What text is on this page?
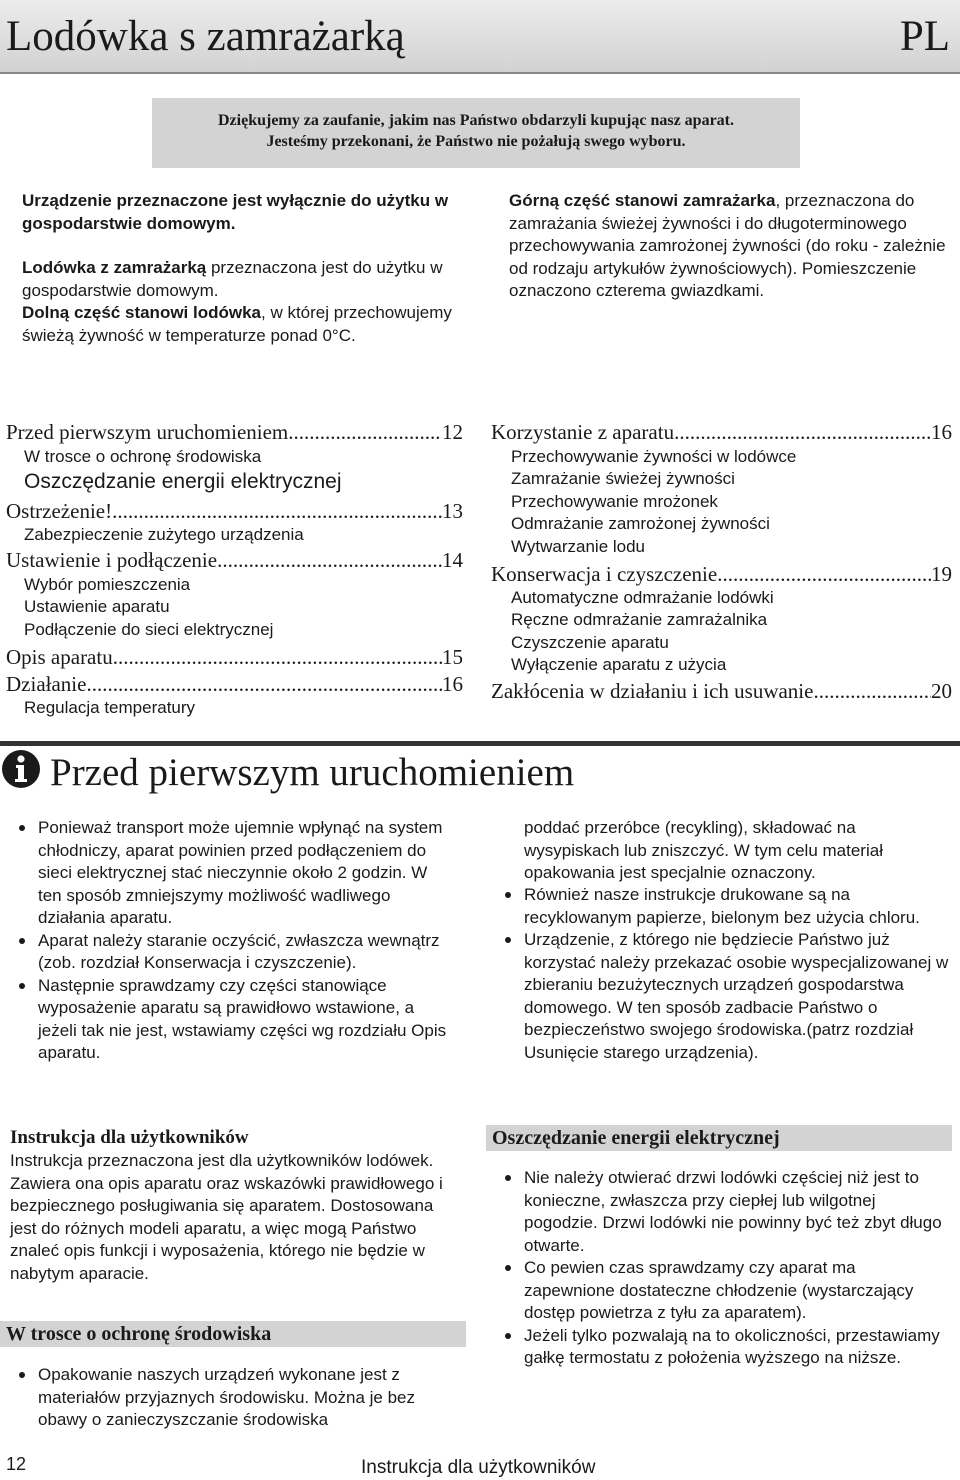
Lodówka s zamrażarką	PL
Dziękujemy za zaufanie, jakim nas Państwo obdarzyli kupując nasz aparat.
Jesteśmy przekonani, że Państwo nie pożałują swego wyboru.

Urządzenie przeznaczone jest wyłącznie do użytku w gospodarstwie domowym.

Lodówka z zamrażarką przeznaczona jest do użytku w gospodarstwie domowym.

Dolną część stanowi lodówka, w której przechowujemy świeżą żywność w temperaturze ponad 0°C.

Górną część stanowi zamrażarka, przeznaczona do zamrażania świeżej żywności i do długoterminowego przechowywania zamrożonej żywności (do roku - zależnie od rodzaju artykułów żywnościowych). Pomieszczenie oznaczono czterema gwiazdkami.

Przed pierwszym uruchomieniem .....	12
W trosce o ochronę środowiska
Oszczędzanie energii elektrycznej
Ostrzeżenie! .....	13
Zabezpieczenie zużytego urządzenia
Ustawienie i podłączenie .....	14
Wybór pomieszczenia
Ustawienie aparatu
Podłączenie do sieci elektrycznej
Opis aparatu .....	15
Działanie .....	16
Regulacja temperatury
Korzystanie z aparatu .....	16
Przechowywanie żywności w lodówce
Zamrażanie świeżej żywności
Przechowywanie mrożonek
Odmrażanie zamrożonej żywności
Wytwarzanie lodu
Konserwacja i czyszczenie .....	19
Automatyczne odmrażanie lodówki
Ręczne odmrażanie zamrażalnika
Czyszczenie aparatu
Wyłączenie aparatu z użycia
Zakłócenia w działaniu i ich usuwanie .....	20
Przed pierwszym uruchomieniem
Ponieważ transport może ujemnie wpłynąć na system chłodniczy, aparat powinien przed podłączeniem do sieci elektrycznej stać nieczynnie około 2 godzin. W ten sposób zmniejszymy możliwość wadliwego działania aparatu.
Aparat należy staranie oczyścić, zwłaszcza wewnątrz (zob. rozdział Konserwacja i czyszczenie).
Następnie sprawdzamy czy części stanowiące wyposażenie aparatu są prawidłowo wstawione, a jeżeli tak nie jest, wstawiamy części wg rozdziału Opis aparatu.
Instrukcja dla użytkowników
Instrukcja przeznaczona jest dla użytkowników lodówek. Zawiera ona opis aparatu oraz wskazówki prawidłowego i bezpiecznego posługiwania się aparatem. Dostosowana jest do różnych modeli aparatu, a więc mogą Państwo znaleć opis funkcji i wyposażenia, którego nie będzie w nabytym aparacie.
W trosce o ochronę środowiska
Opakowanie naszych urządzeń wykonane jest z materiałów przyjaznych środowisku. Można je bez obawy o zanieczyszczanie środowiska
poddać przeróbce (recykling), składować na wysypiskach lub zniszczyć. W tym celu materiał opakowania jest specjalnie oznaczony.
Również nasze instrukcje drukowane są na recyklowanym papierze, bielonym bez użycia chloru.
Urządzenie, z którego nie będziecie Państwo już korzystać należy przekazać osobie wyspecjalizowanej w zbieraniu bezużytecznych urządzeń gospodarstwa domowego. W ten sposób zadbacie Państwo o bezpieczeństwo swojego środowiska.(patrz rozdział Usunięcie starego urządzenia).
Oszczędzanie energii elektrycznej
Nie należy otwierać drzwi lodówki częściej niż jest to konieczne, zwłaszcza przy ciepłej lub wilgotnej pogodzie. Drzwi lodówki nie powinny być też zbyt długo otwarte.
Co pewien czas sprawdzamy czy aparat ma zapewnione dostateczne chłodzenie (wystarczający dostęp powietrza z tyłu za aparatem).
Jeżeli tylko pozwalają na to okoliczności, przestawiamy gałkę termostatu z położenia wyższego na niższe.
12	Instrukcja dla użytkowników
